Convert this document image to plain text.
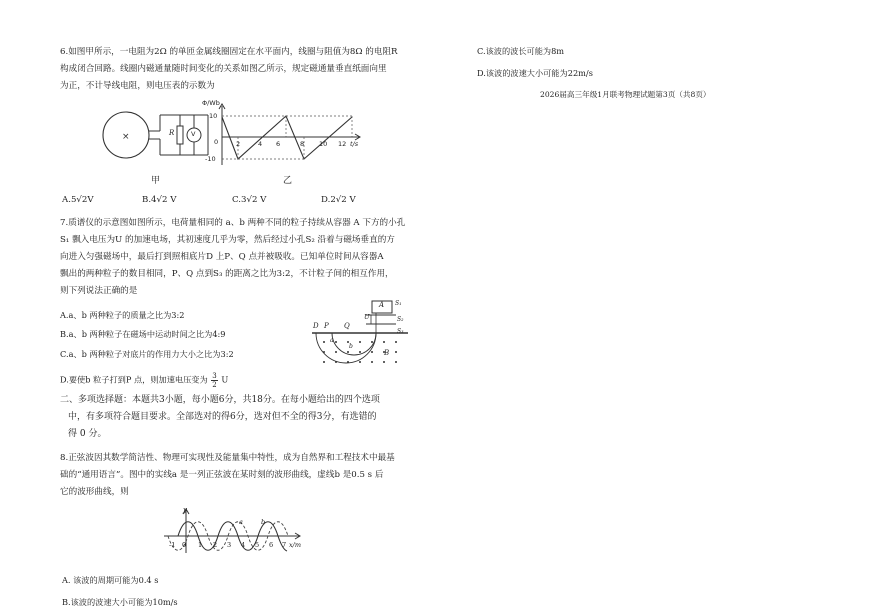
6.如图甲所示，一电阻为2Ω 的单匝金属线圈固定在水平面内，线圈与阻值为8Ω 的电阻R
构成闭合回路。线圈内磁通量随时间变化的关系如图乙所示，规定磁通量垂直纸面向里
为正，不计导线电阻，则电压表的示数为
×	R	V
甲
Φ/Wb
10
-10
0	2	4 6	8 10 12 t/s
乙
A.5√2V	B.4√2 V	C.3√2 V	D.2√2 V
7.质谱仪的示意图如图所示，电荷量相同的 a、b 两种不同的粒子持续从容器 A 下方的小孔
S₁ 飘入电压为U 的加速电场，其初速度几乎为零，然后经过小孔S₂ 沿着与磁场垂直的方
向进入匀强磁场中，最后打到照相底片D 上P、Q 点并被吸收。已知单位时间从容器A
飘出的两种粒子的数目相同，P、Q 点到S₃ 的距离之比为3:2，不计粒子间的相互作用，
则下列说法正确的是
A.a、b 两种粒子的质量之比为3:2
B.a、b 两种粒子在磁场中运动时间之比为4:9
C.a、b 两种粒子对底片的作用力大小之比为3:2
D.要使b 粒子打到P 点，则加速电压变为 $\frac{3}{2}$ U
D P Q
A
B
U
S₁
S₂
S₃
a
b
二、多项选择题：本题共3小题，每小题6分，共18分。在每小题给出的四个选项
中，有多项符合题目要求。全部选对的得6分，选对但不全的得3分，有选错的
得 0 分。
8.正弦波因其数学简洁性、物理可实现性及能量集中特性，成为自然界和工程技术中最基
础的“通用语言”。图中的实线a 是一列正弦波在某时刻的波形曲线，虚线b 是0.5 s 后
它的波形曲线，则
y
x/m
a	b
-1 0 1 2 3 4 5 6 7
A. 该波的周期可能为0.4 s
B.该波的波速大小可能为10m/s
C.该波的波长可能为8m
D.该波的波速大小可能为22m/s
2026届高三年级1月联考物理试题第3页（共8页）
